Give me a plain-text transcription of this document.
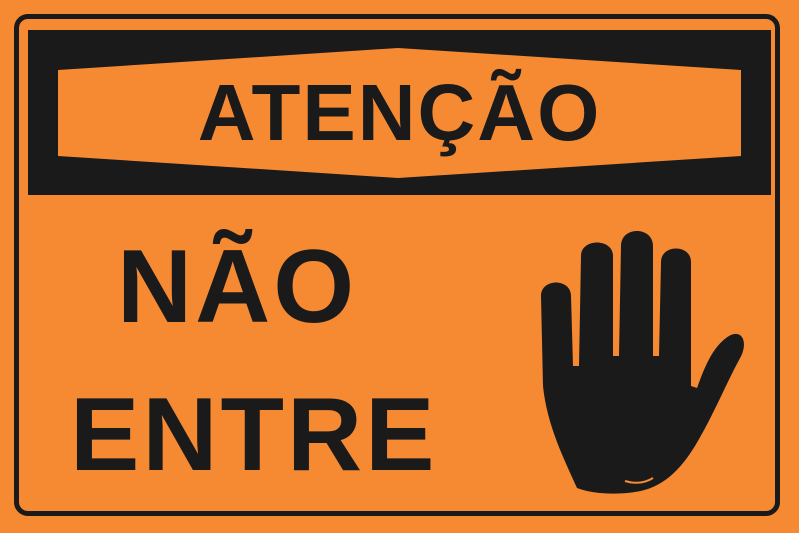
ATENÇÃO
NÃO
ENTRE
